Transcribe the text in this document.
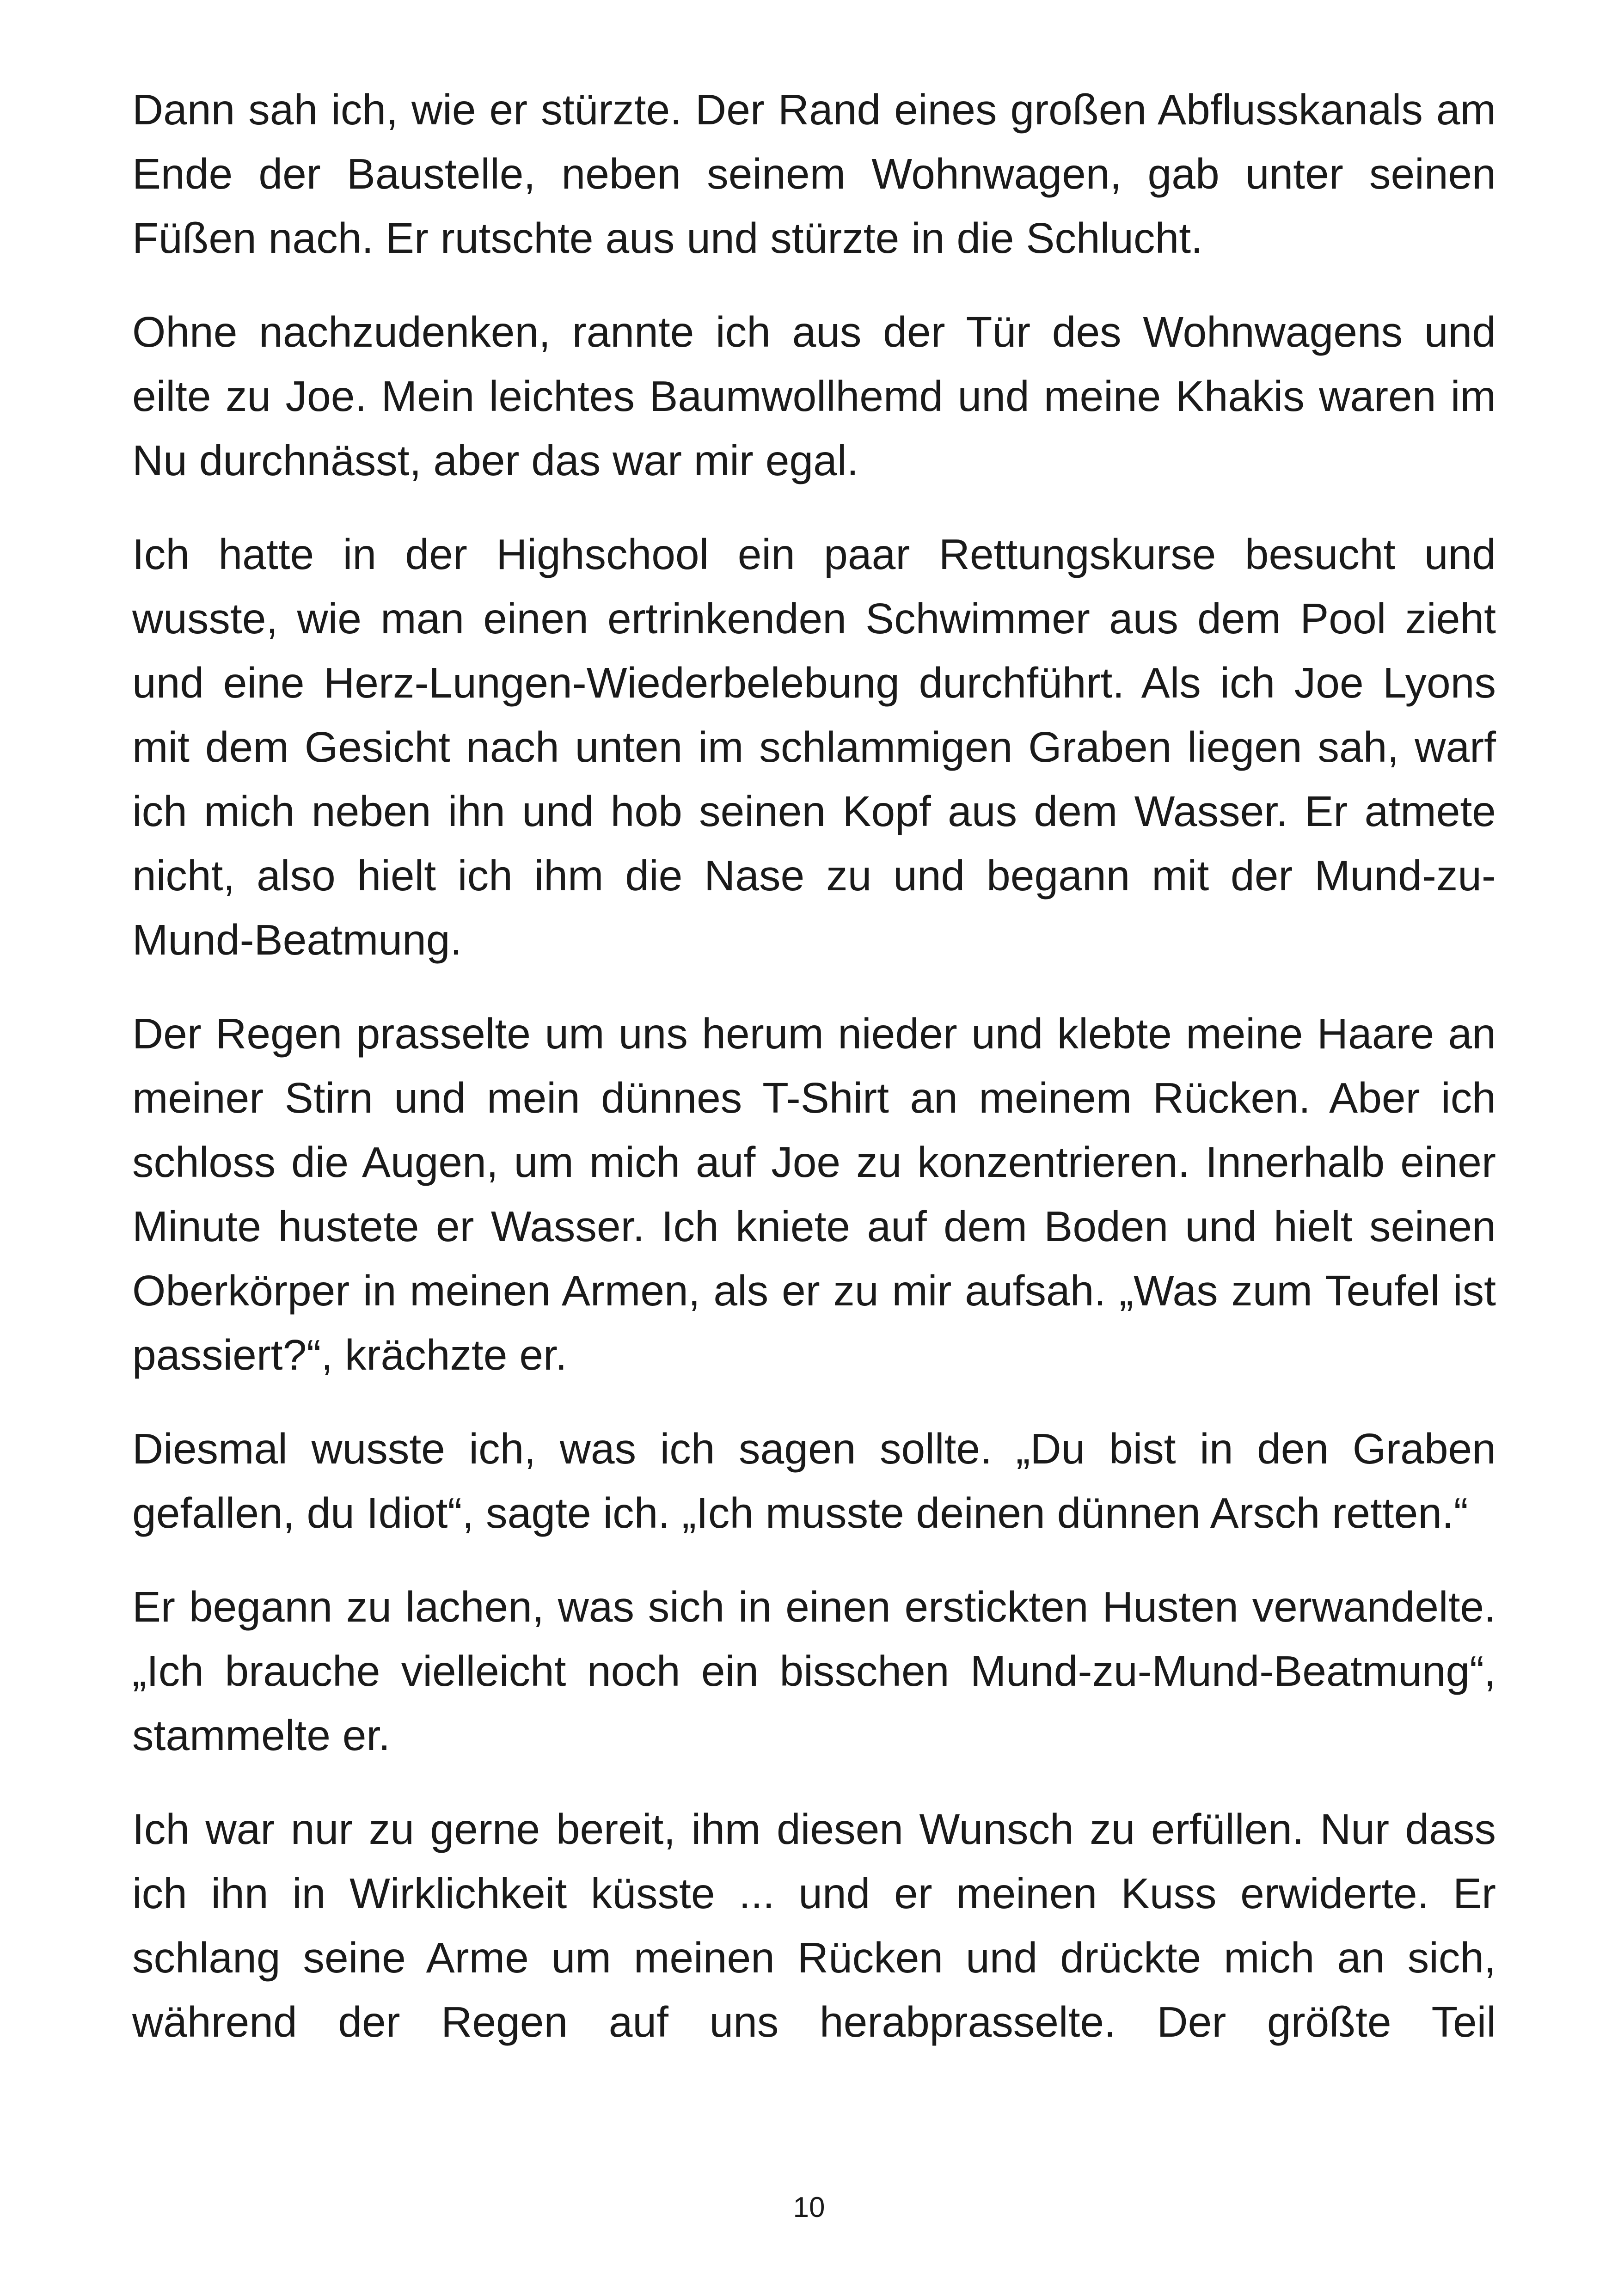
Dann sah ich, wie er stürzte. Der Rand eines großen Abflusskanals am Ende der Baustelle, neben seinem Wohnwagen, gab unter seinen Füßen nach. Er rutschte aus und stürzte in die Schlucht.

Ohne nachzudenken, rannte ich aus der Tür des Wohnwagens und eilte zu Joe. Mein leichtes Baumwollhemd und meine Khakis waren im Nu durchnässt, aber das war mir egal.

Ich hatte in der Highschool ein paar Rettungskurse besucht und wusste, wie man einen ertrinkenden Schwimmer aus dem Pool zieht und eine Herz-Lungen-Wiederbelebung durchführt. Als ich Joe Lyons mit dem Gesicht nach unten im schlammigen Graben liegen sah, warf ich mich neben ihn und hob seinen Kopf aus dem Wasser. Er atmete nicht, also hielt ich ihm die Nase zu und begann mit der Mund-zu-Mund-Beatmung.

Der Regen prasselte um uns herum nieder und klebte meine Haare an meiner Stirn und mein dünnes T-Shirt an meinem Rücken. Aber ich schloss die Augen, um mich auf Joe zu konzentrieren. Innerhalb einer Minute hustete er Wasser. Ich kniete auf dem Boden und hielt seinen Oberkörper in meinen Armen, als er zu mir aufsah. „Was zum Teufel ist passiert?“, krächzte er.

Diesmal wusste ich, was ich sagen sollte. „Du bist in den Graben gefallen, du Idiot“, sagte ich. „Ich musste deinen dünnen Arsch retten.“

Er begann zu lachen, was sich in einen erstickten Husten verwandelte. „Ich brauche vielleicht noch ein bisschen Mund-zu-Mund-Beatmung“, stammelte er.

Ich war nur zu gerne bereit, ihm diesen Wunsch zu erfüllen. Nur dass ich ihn in Wirklichkeit küsste ... und er meinen Kuss erwiderte. Er schlang seine Arme um meinen Rücken und drückte mich an sich, während der Regen auf uns herabprasselte. Der größte Teil

10
